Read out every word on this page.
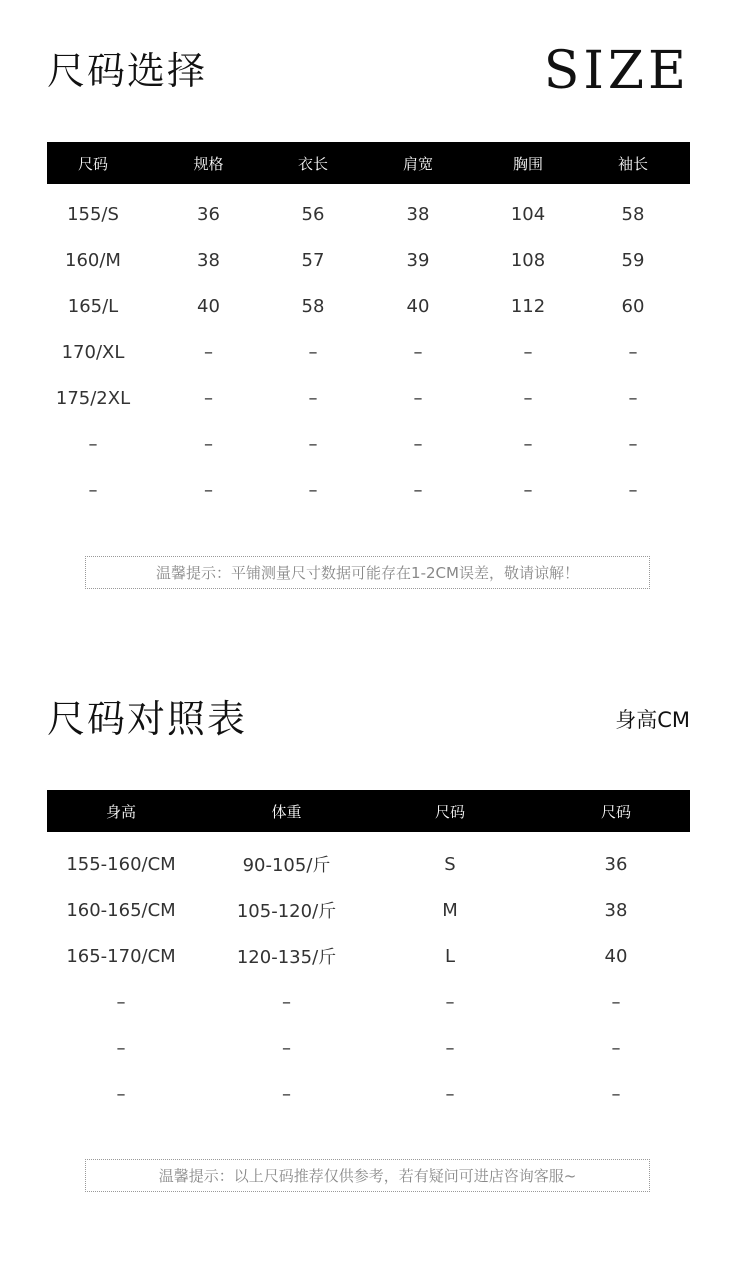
尺码选择	SIZE
尺码	规格	衣长	肩宽	胸围	袖长
155/S	36	56	38	104	58
160/M	38	57	39	108	59
165/L	40	58	40	112	60
170/XL	–	–	–	–	–
175/2XL	–	–	–	–	–
–	–	–	–	–	–
–	–	–	–	–	–
温馨提示：平铺测量尺寸数据可能存在1-2CM误差，敬请谅解！
尺码对照表	身高CM
身高	体重	尺码	尺码
155-160/CM	90-105/斤	S	36
160-165/CM	105-120/斤	M	38
165-170/CM	120-135/斤	L	40
–	–	–	–
–	–	–	–
–	–	–	–
温馨提示：以上尺码推荐仅供参考，若有疑问可进店咨询客服~
